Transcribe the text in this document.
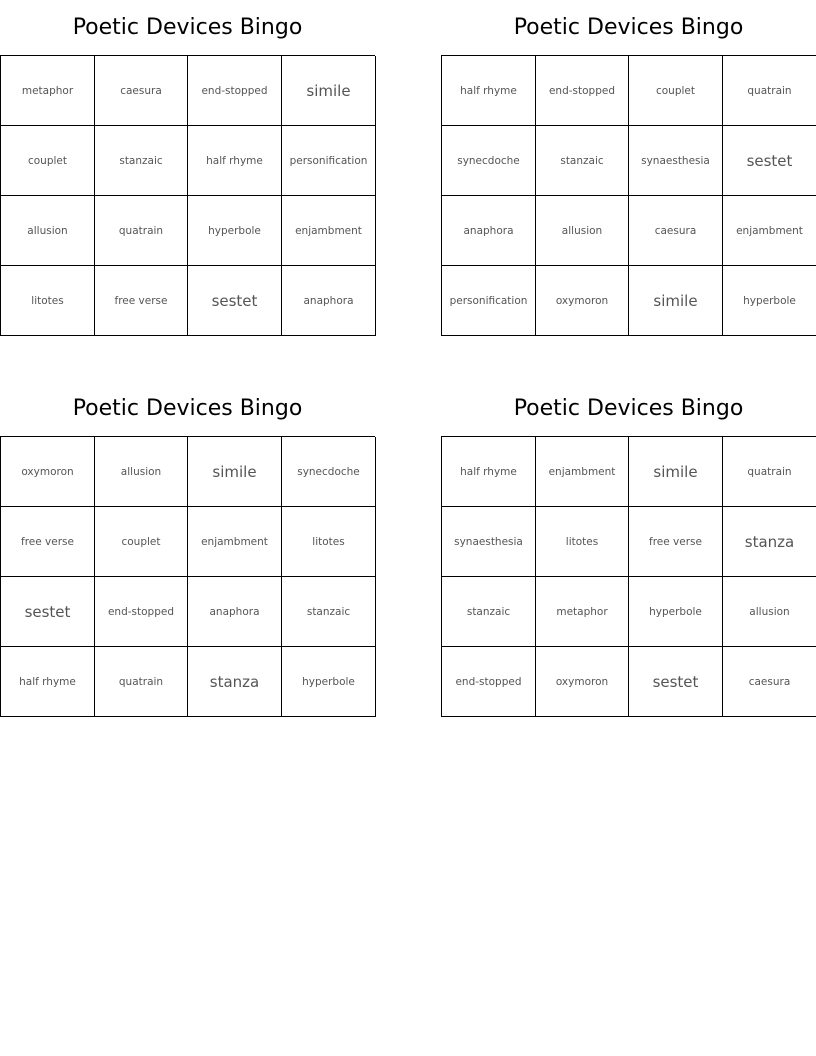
Poetic Devices Bingo
metaphor	caesura	end-stopped	simile
couplet	stanzaic	half rhyme	personification
allusion	quatrain	hyperbole	enjambment
litotes	free verse	sestet	anaphora
Poetic Devices Bingo
half rhyme	end-stopped	couplet	quatrain
synecdoche	stanzaic	synaesthesia	sestet
anaphora	allusion	caesura	enjambment
personification	oxymoron	simile	hyperbole
Poetic Devices Bingo
oxymoron	allusion	simile	synecdoche
free verse	couplet	enjambment	litotes
sestet	end-stopped	anaphora	stanzaic
half rhyme	quatrain	stanza	hyperbole
Poetic Devices Bingo
half rhyme	enjambment	simile	quatrain
synaesthesia	litotes	free verse	stanza
stanzaic	metaphor	hyperbole	allusion
end-stopped	oxymoron	sestet	caesura
